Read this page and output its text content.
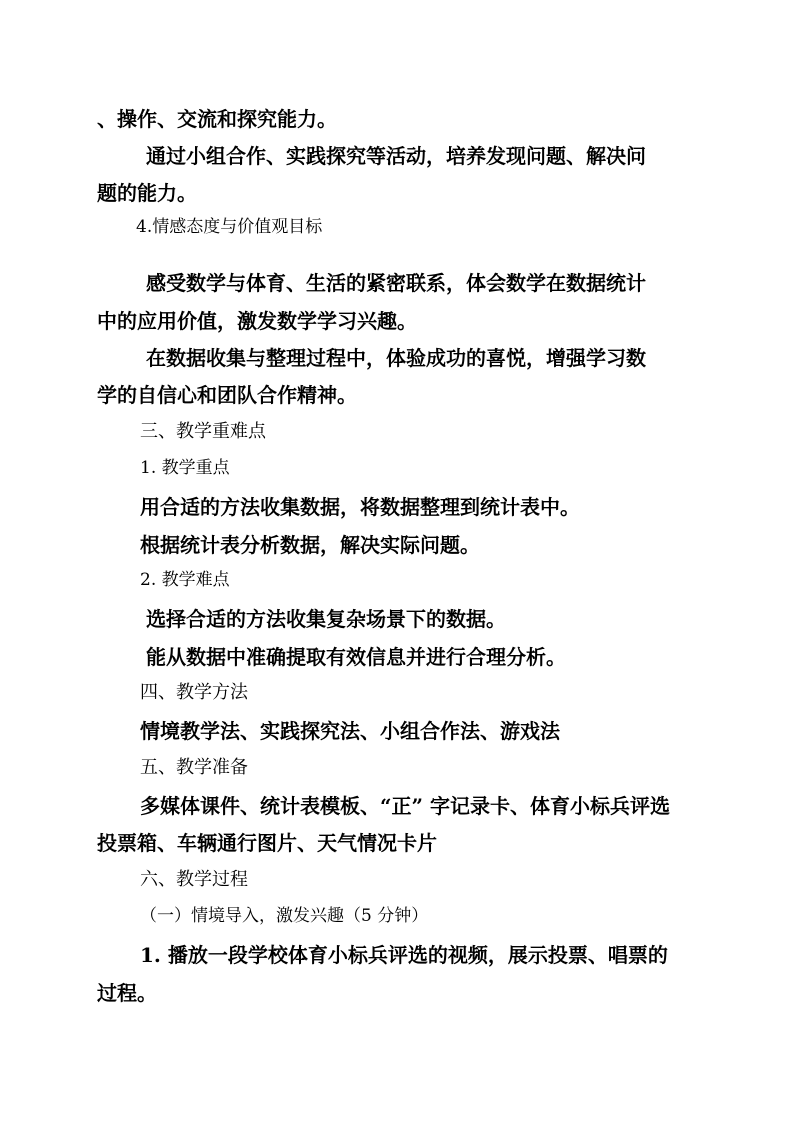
、操作、交流和探究能力。
通过小组合作、实践探究等活动，培养发现问题、解决问
题的能力。
4.情感态度与价值观目标
感受数学与体育、生活的紧密联系，体会数学在数据统计
中的应用价值，激发数学学习兴趣。
在数据收集与整理过程中，体验成功的喜悦，增强学习数
学的自信心和团队合作精神。
三、教学重难点
1. 教学重点
用合适的方法收集数据，将数据整理到统计表中。
根据统计表分析数据，解决实际问题。
2. 教学难点
选择合适的方法收集复杂场景下的数据。
能从数据中准确提取有效信息并进行合理分析。
四、教学方法
情境教学法、实践探究法、小组合作法、游戏法
五、教学准备
多媒体课件、统计表模板、“正” 字记录卡、体育小标兵评选
投票箱、车辆通行图片、天气情况卡片
六、教学过程
（一）情境导入，激发兴趣（5 分钟）
1. 播放一段学校体育小标兵评选的视频，展示投票、唱票的
过程。
